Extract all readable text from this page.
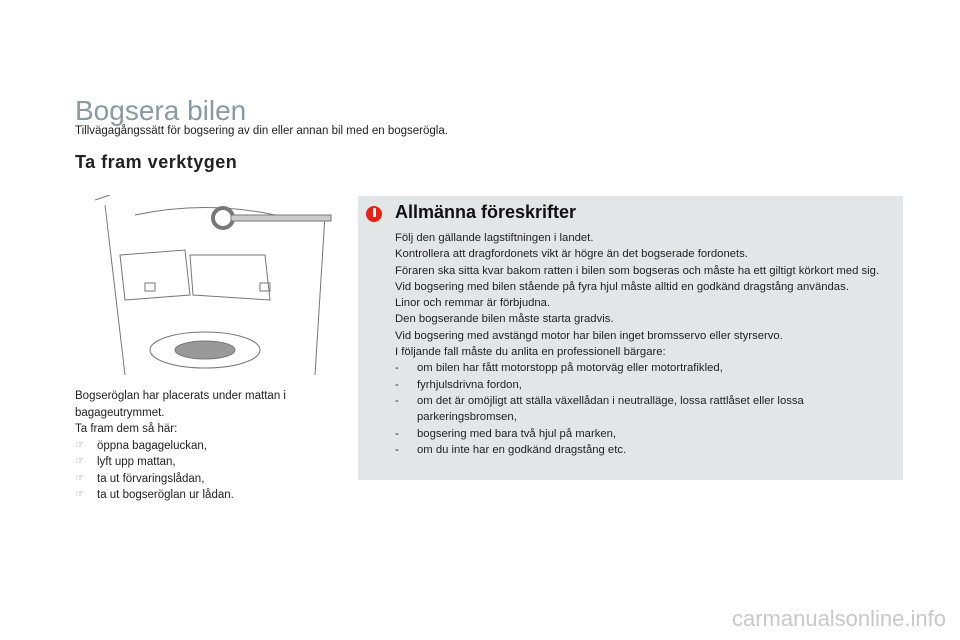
Bogsera bilen
Tillvägagångssätt för bogsering av din eller annan bil med en bogserögla.
Ta fram verktygen
Bogseröglan har placerats under mattan i bagageutrymmet.
Ta fram dem så här:
☞	öppna bagageluckan,
☞	lyft upp mattan,
☞	ta ut förvaringslådan,
☞	ta ut bogseröglan ur lådan.
Allmänna föreskrifter
Följ den gällande lagstiftningen i landet.
Kontrollera att dragfordonets vikt är högre än det bogserade fordonets.
Föraren ska sitta kvar bakom ratten i bilen som bogseras och måste ha ett giltigt körkort med sig.
Vid bogsering med bilen stående på fyra hjul måste alltid en godkänd dragstång användas.
Linor och remmar är förbjudna.
Den bogserande bilen måste starta gradvis.
Vid bogsering med avstängd motor har bilen inget bromsservo eller styrservo.
I följande fall måste du anlita en professionell bärgare:
-	om bilen har fått motorstopp på motorväg eller motortrafikled,
-	fyrhjulsdrivna fordon,
-	om det är omöjligt att ställa växellådan i neutralläge, lossa rattlåset eller lossa parkeringsbromsen,
-	bogsering med bara två hjul på marken,
-	om du inte har en godkänd dragstång etc.
carmanualsonline.info
